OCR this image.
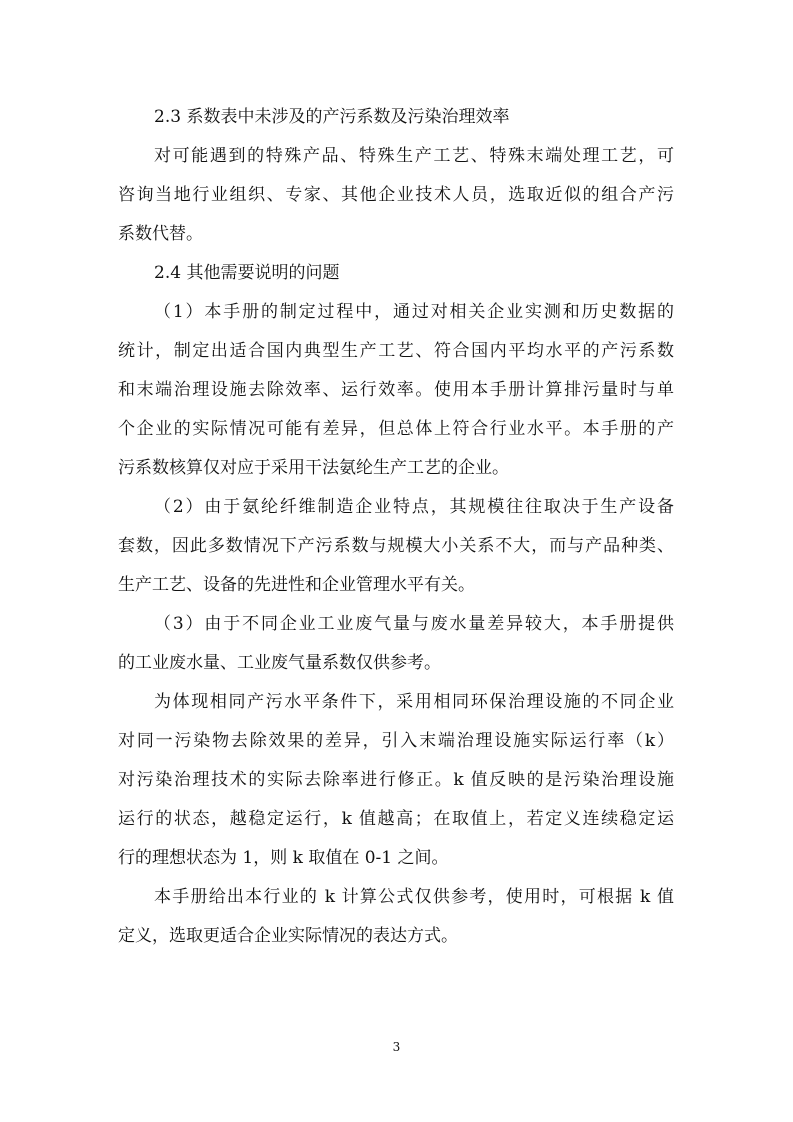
2.3 系数表中未涉及的产污系数及污染治理效率
对可能遇到的特殊产品、特殊生产工艺、特殊末端处理工艺，可
咨询当地行业组织、专家、其他企业技术人员，选取近似的组合产污
系数代替。
2.4 其他需要说明的问题
（1）本手册的制定过程中，通过对相关企业实测和历史数据的
统计，制定出适合国内典型生产工艺、符合国内平均水平的产污系数
和末端治理设施去除效率、运行效率。使用本手册计算排污量时与单
个企业的实际情况可能有差异，但总体上符合行业水平。本手册的产
污系数核算仅对应于采用干法氨纶生产工艺的企业。
（2）由于氨纶纤维制造企业特点，其规模往往取决于生产设备
套数，因此多数情况下产污系数与规模大小关系不大，而与产品种类、
生产工艺、设备的先进性和企业管理水平有关。
（3）由于不同企业工业废气量与废水量差异较大，本手册提供
的工业废水量、工业废气量系数仅供参考。
为体现相同产污水平条件下，采用相同环保治理设施的不同企业
对同一污染物去除效果的差异，引入末端治理设施实际运行率（k）
对污染治理技术的实际去除率进行修正。k 值反映的是污染治理设施
运行的状态，越稳定运行，k 值越高；在取值上，若定义连续稳定运
行的理想状态为 1，则 k 取值在 0-1 之间。
本手册给出本行业的 k 计算公式仅供参考，使用时，可根据 k 值
定义，选取更适合企业实际情况的表达方式。
3
